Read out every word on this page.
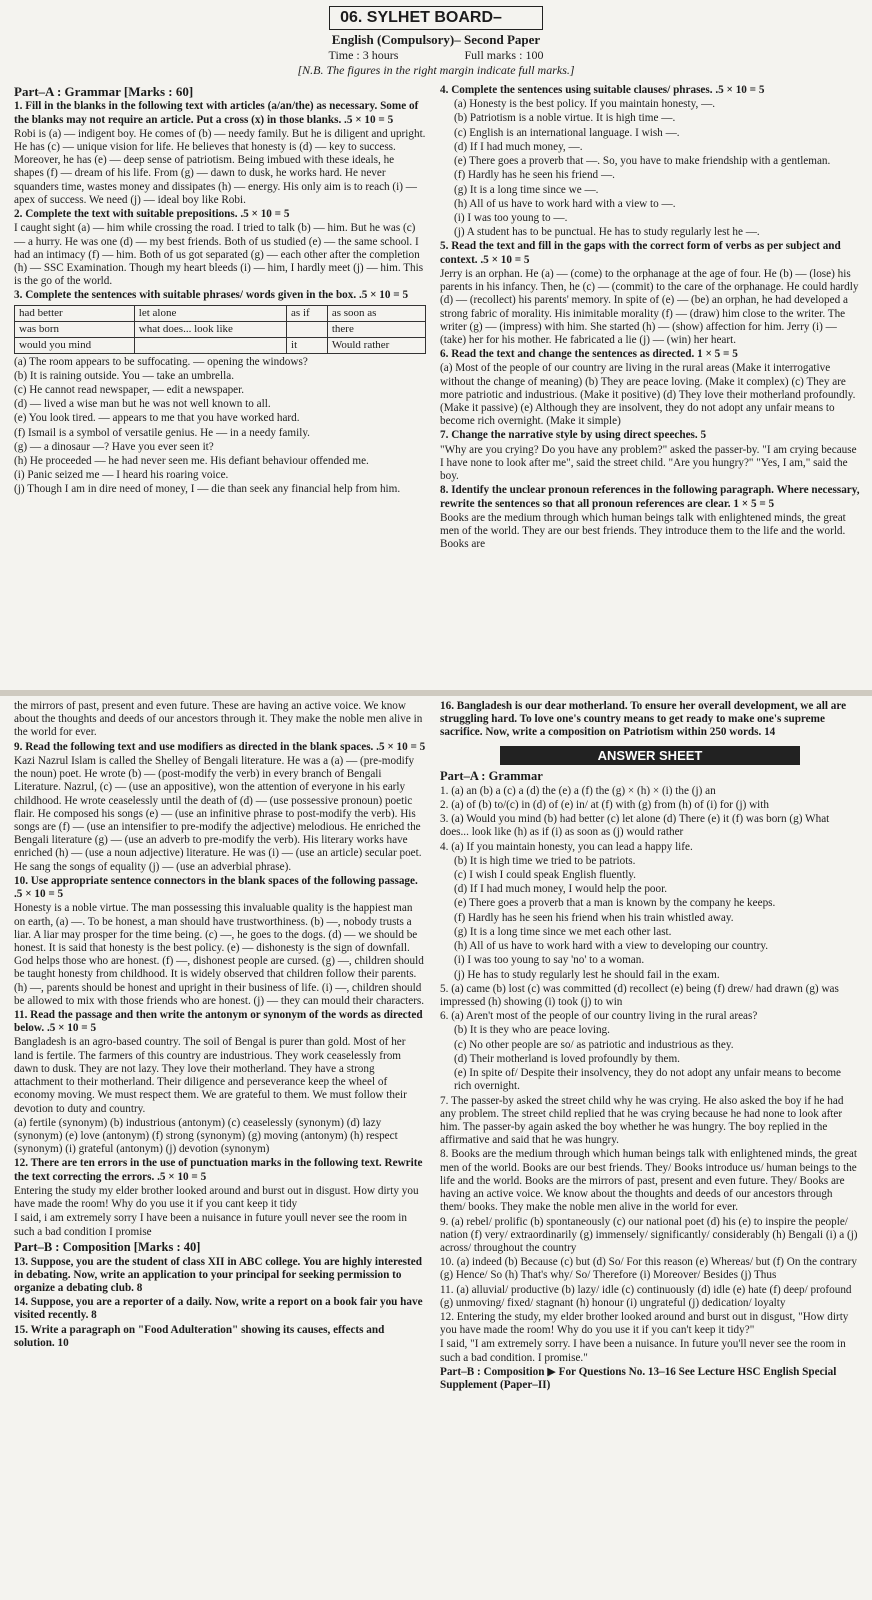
06. SYLHET BOARD–
English (Compulsory)– Second Paper
Time : 3 hours	Full marks : 100
[N.B. The figures in the right margin indicate full marks.]

Part–A : Grammar [Marks : 60]

1. Fill in the blanks in the following text with articles (a/an/the) as necessary. Some of the blanks may not require an article. Put a cross (x) in those blanks. .5 × 10 = 5

Robi is (a) — indigent boy. He comes of (b) — needy family. But he is diligent and upright. He has (c) — unique vision for life. He believes that honesty is (d) — key to success. Moreover, he has (e) — deep sense of patriotism. Being imbued with these ideals, he shapes (f) — dream of his life. From (g) — dawn to dusk, he works hard. He never squanders time, wastes money and dissipates (h) — energy. His only aim is to reach (i) — apex of success. We need (j) — ideal boy like Robi.

2. Complete the text with suitable prepositions. .5 × 10 = 5

I caught sight (a) — him while crossing the road. I tried to talk (b) — him. But he was (c) — a hurry. He was one (d) — my best friends. Both of us studied (e) — the same school. I had an intimacy (f) — him. Both of us got separated (g) — each other after the completion (h) — SSC Examination. Though my heart bleeds (i) — him, I hardly meet (j) — him. This is the go of the world.

3. Complete the sentences with suitable phrases/ words given in the box. .5 × 10 = 5

had better	let alone	as if	as soon as
was born	what does... look like		there
would you mind		it	Would rather

(a) The room appears to be suffocating. — opening the windows?

(b) It is raining outside. You — take an umbrella.

(c) He cannot read newspaper, — edit a newspaper.

(d) — lived a wise man but he was not well known to all.

(e) You look tired. — appears to me that you have worked hard.

(f) Ismail is a symbol of versatile genius. He — in a needy family.

(g) — a dinosaur —? Have you ever seen it?

(h) He proceeded — he had never seen me. His defiant behaviour offended me.

(i) Panic seized me — I heard his roaring voice.

(j) Though I am in dire need of money, I — die than seek any financial help from him.

4. Complete the sentences using suitable clauses/ phrases. .5 × 10 = 5

(a) Honesty is the best policy. If you maintain honesty, —.

(b) Patriotism is a noble virtue. It is high time —.

(c) English is an international language. I wish —.

(d) If I had much money, —.

(e) There goes a proverb that —. So, you have to make friendship with a gentleman.

(f) Hardly has he seen his friend —.

(g) It is a long time since we —.

(h) All of us have to work hard with a view to —.

(i) I was too young to —.

(j) A student has to be punctual. He has to study regularly lest he —.

5. Read the text and fill in the gaps with the correct form of verbs as per subject and context. .5 × 10 = 5

Jerry is an orphan. He (a) — (come) to the orphanage at the age of four. He (b) — (lose) his parents in his infancy. Then, he (c) — (commit) to the care of the orphanage. He could hardly (d) — (recollect) his parents' memory. In spite of (e) — (be) an orphan, he had developed a strong fabric of morality. His inimitable morality (f) — (draw) him close to the writer. The writer (g) — (impress) with him. She started (h) — (show) affection for him. Jerry (i) — (take) her for his mother. He fabricated a lie (j) — (win) her heart.

6. Read the text and change the sentences as directed. 1 × 5 = 5

(a) Most of the people of our country are living in the rural areas (Make it interrogative without the change of meaning) (b) They are peace loving. (Make it complex) (c) They are more patriotic and industrious. (Make it positive) (d) They love their motherland profoundly. (Make it passive) (e) Although they are insolvent, they do not adopt any unfair means to become rich overnight. (Make it simple)

7. Change the narrative style by using direct speeches. 5

"Why are you crying? Do you have any problem?" asked the passer-by. "I am crying because I have none to look after me", said the street child. "Are you hungry?" "Yes, I am," said the boy.

8. Identify the unclear pronoun references in the following paragraph. Where necessary, rewrite the sentences so that all pronoun references are clear. 1 × 5 = 5

Books are the medium through which human beings talk with enlightened minds, the great men of the world. They are our best friends. They introduce them to the life and the world. Books are

the mirrors of past, present and even future. These are having an active voice. We know about the thoughts and deeds of our ancestors through it. They make the noble men alive in the world for ever.

9. Read the following text and use modifiers as directed in the blank spaces. .5 × 10 = 5

Kazi Nazrul Islam is called the Shelley of Bengali literature. He was a (a) — (pre-modify the noun) poet. He wrote (b) — (post-modify the verb) in every branch of Bengali Literature. Nazrul, (c) — (use an appositive), won the attention of everyone in his early childhood. He wrote ceaselessly until the death of (d) — (use possessive pronoun) poetic flair. He composed his songs (e) — (use an infinitive phrase to post-modify the verb). His songs are (f) — (use an intensifier to pre-modify the adjective) melodious. He enriched the Bengali literature (g) — (use an adverb to pre-modify the verb). His literary works have enriched (h) — (use a noun adjective) literature. He was (i) — (use an article) secular poet. He sang the songs of equality (j) — (use an adverbial phrase).

10. Use appropriate sentence connectors in the blank spaces of the following passage. .5 × 10 = 5

Honesty is a noble virtue. The man possessing this invaluable quality is the happiest man on earth, (a) —. To be honest, a man should have trustworthiness. (b) —, nobody trusts a liar. A liar may prosper for the time being. (c) —, he goes to the dogs. (d) — we should be honest. It is said that honesty is the best policy. (e) — dishonesty is the sign of downfall. God helps those who are honest. (f) —, dishonest people are cursed. (g) —, children should be taught honesty from childhood. It is widely observed that children follow their parents. (h) —, parents should be honest and upright in their business of life. (i) —, children should be allowed to mix with those friends who are honest. (j) — they can mould their characters.

11. Read the passage and then write the antonym or synonym of the words as directed below. .5 × 10 = 5

Bangladesh is an agro-based country. The soil of Bengal is purer than gold. Most of her land is fertile. The farmers of this country are industrious. They work ceaselessly from dawn to dusk. They are not lazy. They love their motherland. They have a strong attachment to their motherland. Their diligence and perseverance keep the wheel of economy moving. We must respect them. We are grateful to them. We must follow their devotion to duty and country.

(a) fertile (synonym) (b) industrious (antonym) (c) ceaselessly (synonym) (d) lazy (synonym) (e) love (antonym) (f) strong (synonym) (g) moving (antonym) (h) respect (synonym) (i) grateful (antonym) (j) devotion (synonym)

12. There are ten errors in the use of punctuation marks in the following text. Rewrite the text correcting the errors. .5 × 10 = 5

Entering the study my elder brother looked around and burst out in disgust. How dirty you have made the room! Why do you use it if you cant keep it tidy

I said, i am extremely sorry I have been a nuisance in future youll never see the room in such a bad condition I promise

Part–B : Composition [Marks : 40]

13. Suppose, you are the student of class XII in ABC college. You are highly interested in debating. Now, write an application to your principal for seeking permission to organize a debating club. 8

14. Suppose, you are a reporter of a daily. Now, write a report on a book fair you have visited recently. 8

15. Write a paragraph on "Food Adulteration" showing its causes, effects and solution. 10

16. Bangladesh is our dear motherland. To ensure her overall development, we all are struggling hard. To love one's country means to get ready to make one's supreme sacrifice. Now, write a composition on Patriotism within 250 words. 14

ANSWER SHEET

Part–A : Grammar

1. (a) an (b) a (c) a (d) the (e) a (f) the (g) × (h) × (i) the (j) an

2. (a) of (b) to/(c) in (d) of (e) in/ at (f) with (g) from (h) of (i) for (j) with

3. (a) Would you mind (b) had better (c) let alone (d) There (e) it (f) was born (g) What does... look like (h) as if (i) as soon as (j) would rather

4. (a) If you maintain honesty, you can lead a happy life.

(b) It is high time we tried to be patriots.

(c) I wish I could speak English fluently.

(d) If I had much money, I would help the poor.

(e) There goes a proverb that a man is known by the company he keeps.

(f) Hardly has he seen his friend when his train whistled away.

(g) It is a long time since we met each other last.

(h) All of us have to work hard with a view to developing our country.

(i) I was too young to say 'no' to a woman.

(j) He has to study regularly lest he should fail in the exam.

5. (a) came (b) lost (c) was committed (d) recollect (e) being (f) drew/ had drawn (g) was impressed (h) showing (i) took (j) to win

6. (a) Aren't most of the people of our country living in the rural areas?

(b) It is they who are peace loving.

(c) No other people are so/ as patriotic and industrious as they.

(d) Their motherland is loved profoundly by them.

(e) In spite of/ Despite their insolvency, they do not adopt any unfair means to become rich overnight.

7. The passer-by asked the street child why he was crying. He also asked the boy if he had any problem. The street child replied that he was crying because he had none to look after him. The passer-by again asked the boy whether he was hungry. The boy replied in the affirmative and said that he was hungry.

8. Books are the medium through which human beings talk with enlightened minds, the great men of the world. Books are our best friends. They/ Books introduce us/ human beings to the life and the world. Books are the mirrors of past, present and even future. They/ Books are having an active voice. We know about the thoughts and deeds of our ancestors through them/ books. They make the noble men alive in the world for ever.

9. (a) rebel/ prolific (b) spontaneously (c) our national poet (d) his (e) to inspire the people/ nation (f) very/ extraordinarily (g) immensely/ significantly/ considerably (h) Bengali (i) a (j) across/ throughout the country

10. (a) indeed (b) Because (c) but (d) So/ For this reason (e) Whereas/ but (f) On the contrary (g) Hence/ So (h) That's why/ So/ Therefore (i) Moreover/ Besides (j) Thus

11. (a) alluvial/ productive (b) lazy/ idle (c) continuously (d) idle (e) hate (f) deep/ profound (g) unmoving/ fixed/ stagnant (h) honour (i) ungrateful (j) dedication/ loyalty

12. Entering the study, my elder brother looked around and burst out in disgust, "How dirty you have made the room! Why do you use it if you can't keep it tidy?"

I said, "I am extremely sorry. I have been a nuisance. In future you'll never see the room in such a bad condition. I promise."

Part–B : Composition ▶ For Questions No. 13–16 See Lecture HSC English Special Supplement (Paper–II)
